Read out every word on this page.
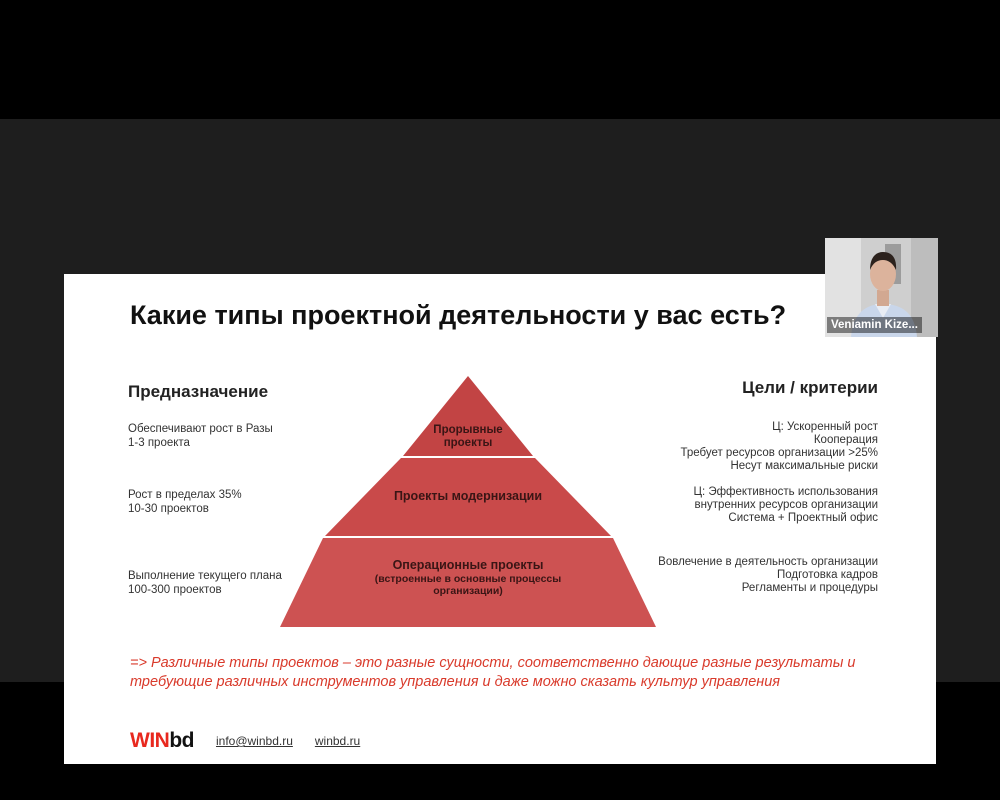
Какие типы проектной деятельности у вас есть?
Предназначение	Цели / критерии
Обеспечивают рост в Разы
1-3 проекта
Рост в пределах 35%
10-30 проектов
Выполнение текущего плана
100-300 проектов
Ц: Ускоренный рост
Кооперация
Требует ресурсов организации >25%
Несут максимальные риски
Ц: Эффективность использования
внутренних ресурсов организации
Система + Проектный офис
Вовлечение в деятельность организации
Подготовка кадров
Регламенты и процедуры
Прорывные
проекты
Проекты модернизации
Операционные проекты
(встроенные в основные процессы
организации)
=> Различные типы проектов – это разные сущности, соответственно дающие разные результаты и требующие различных инструментов управления и даже можно сказать культур управления
WINbd info@winbd.ru winbd.ru
Veniamin Kize...
zoom
